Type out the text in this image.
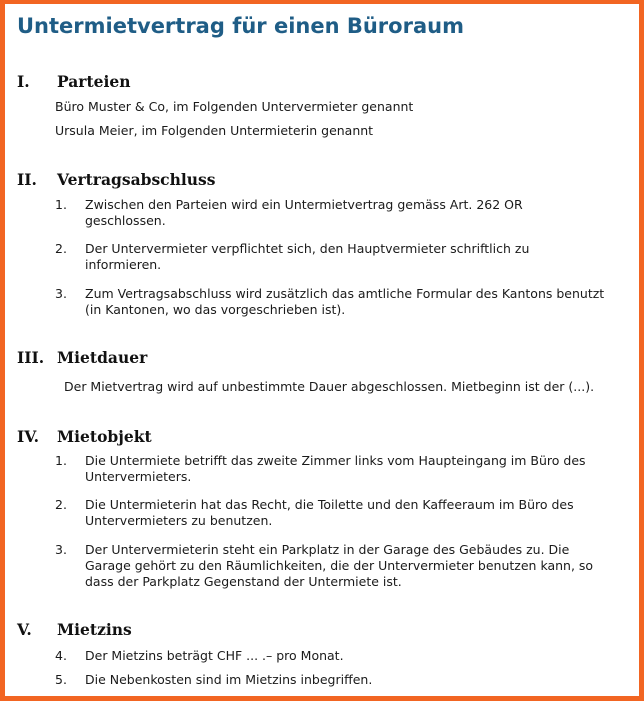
Untermietvertrag für einen Büroraum
I. Parteien
Büro Muster & Co, im Folgenden Untervermieter genannt
Ursula Meier, im Folgenden Untermieterin genannt
II. Vertragsabschluss
1. Zwischen den Parteien wird ein Untermietvertrag gemäss Art. 262 OR
geschlossen.
2. Der Untervermieter verpflichtet sich, den Hauptvermieter schriftlich zu
informieren.
3. Zum Vertragsabschluss wird zusätzlich das amtliche Formular des Kantons benutzt
(in Kantonen, wo das vorgeschrieben ist).
III. Mietdauer
Der Mietvertrag wird auf unbestimmte Dauer abgeschlossen. Mietbeginn ist der (...).
IV. Mietobjekt
1. Die Untermiete betrifft das zweite Zimmer links vom Haupteingang im Büro des
Untervermieters.
2. Die Untermieterin hat das Recht, die Toilette und den Kaffeeraum im Büro des
Untervermieters zu benutzen.
3. Der Untervermieterin steht ein Parkplatz in der Garage des Gebäudes zu. Die
Garage gehört zu den Räumlichkeiten, die der Untervermieter benutzen kann, so
dass der Parkplatz Gegenstand der Untermiete ist.
V. Mietzins
4. Der Mietzins beträgt CHF ... .– pro Monat.
5. Die Nebenkosten sind im Mietzins inbegriffen.
